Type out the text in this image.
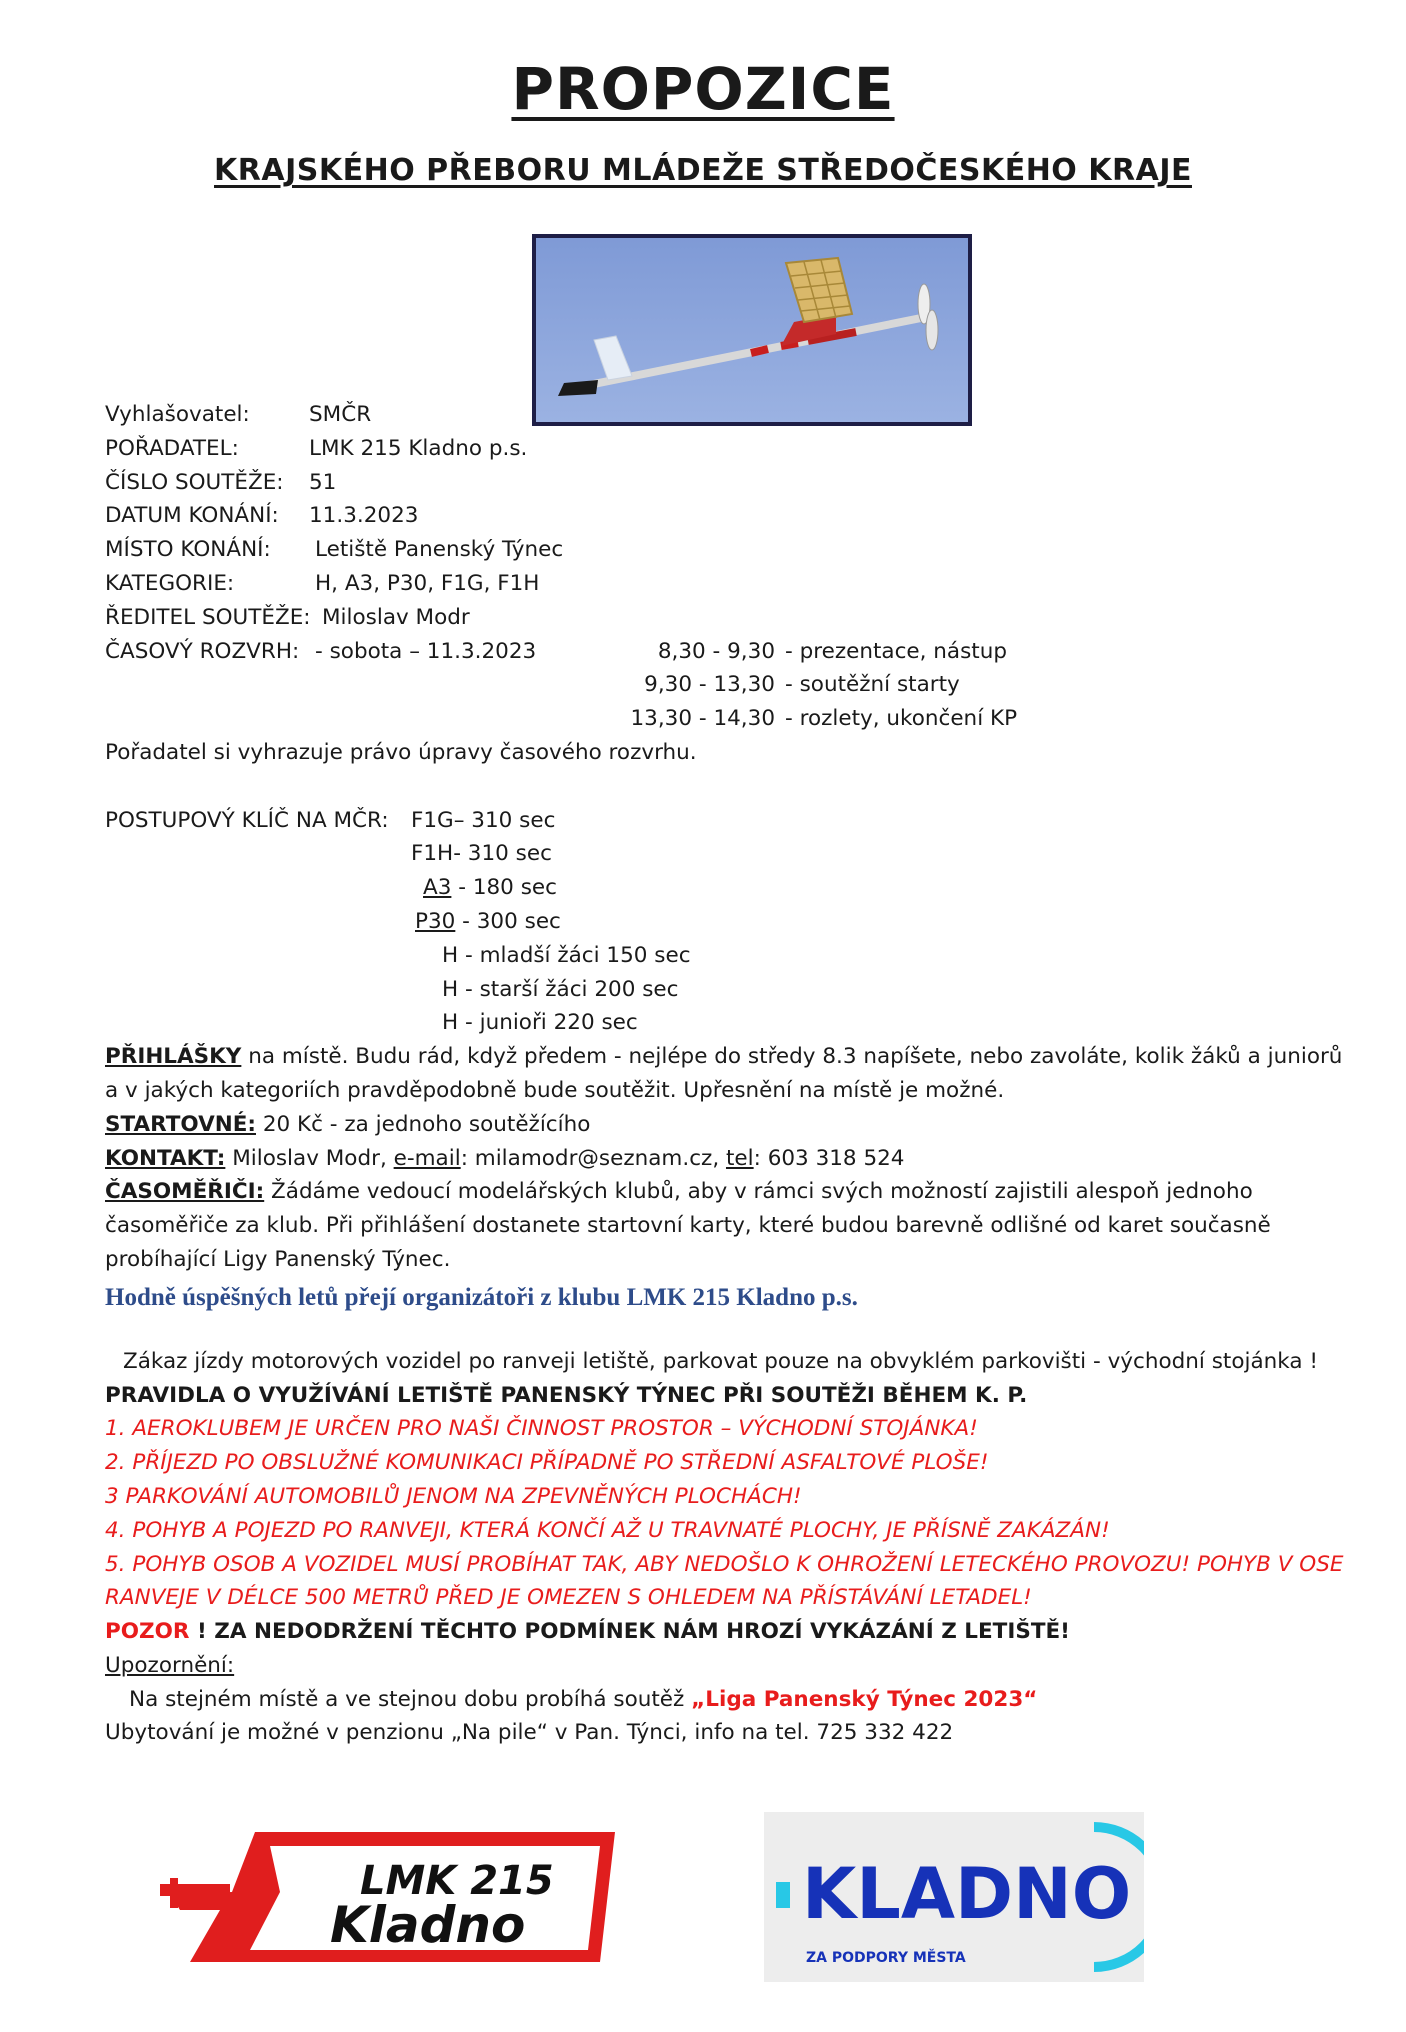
PROPOZICE
KRAJSKÉHO PŘEBORU MLÁDEŽE STŘEDOČESKÉHO KRAJE
Vyhlašovatel:	SMČR
POŘADATEL:	LMK 215 Kladno p.s.
ČÍSLO SOUTĚŽE: 51
DATUM KONÁNÍ: 11.3.2023
MÍSTO KONÁNÍ: Letiště Panenský Týnec
KATEGORIE:	H, A3, P30, F1G, F1H
ŘEDITEL SOUTĚŽE: Miloslav Modr
ČASOVÝ ROZVRH: - sobota – 11.3.2023	8,30 - 9,30 - prezentace, nástup
9,30 - 13,30 - soutěžní starty
13,30 - 14,30 - rozlety, ukončení KP
Pořadatel si vyhrazuje právo úpravy časového rozvrhu.
POSTUPOVÝ KLÍČ NA MČR: F1G– 310 sec
F1H- 310 sec
A3 - 180 sec
P30 - 300 sec
H - mladší žáci 150 sec
H - starší žáci 200 sec
H - junioři 220 sec
PŘIHLÁŠKY na místě. Budu rád, když předem - nejlépe do středy 8.3 napíšete, nebo zavoláte, kolik žáků a juniorů a v jakých kategoriích pravděpodobně bude soutěžit. Upřesnění na místě je možné.
STARTOVNÉ: 20 Kč - za jednoho soutěžícího
KONTAKT: Miloslav Modr, e-mail: milamodr@seznam.cz, tel: 603 318 524
ČASOMĚŘIČI: Žádáme vedoucí modelářských klubů, aby v rámci svých možností zajistili alespoň jednoho časoměřiče za klub. Při přihlášení dostanete startovní karty, které budou barevně odlišné od karet současně probíhající Ligy Panenský Týnec.
Hodně úspěšných letů přejí organizátoři z klubu LMK 215 Kladno p.s.
Zákaz jízdy motorových vozidel po ranveji letiště, parkovat pouze na obvyklém parkovišti - východní stojánka !
PRAVIDLA O VYUŽÍVÁNÍ LETIŠTĚ PANENSKÝ TÝNEC PŘI SOUTĚŽI BĚHEM K. P.
1. AEROKLUBEM JE URČEN PRO NAŠI ČINNOST PROSTOR – VÝCHODNÍ STOJÁNKA!
2. PŘÍJEZD PO OBSLUŽNÉ KOMUNIKACI PŘÍPADNĚ PO STŘEDNÍ ASFALTOVÉ PLOŠE!
3 PARKOVÁNÍ AUTOMOBILŮ JENOM NA ZPEVNĚNÝCH PLOCHÁCH!
4. POHYB A POJEZD PO RANVEJI, KTERÁ KONČÍ AŽ U TRAVNATÉ PLOCHY, JE PŘÍSNĚ ZAKÁZÁN!
5. POHYB OSOB A VOZIDEL MUSÍ PROBÍHAT TAK, ABY NEDOŠLO K OHROŽENÍ LETECKÉHO PROVOZU! POHYB V OSE RANVEJE V DÉLCE 500 METRŮ PŘED JE OMEZEN S OHLEDEM NA PŘÍSTÁVÁNÍ LETADEL!
POZOR ! ZA NEDODRŽENÍ TĚCHTO PODMÍNEK NÁM HROZÍ VYKÁZÁNÍ Z LETIŠTĚ!
Upozornění:
Na stejném místě a ve stejnou dobu probíhá soutěž „Liga Panenský Týnec 2023“
Ubytování je možné v penzionu „Na pile“ v Pan. Týnci, info na tel. 725 332 422
LMK 215
Kladno	KLADNO
ZA PODPORY MĚSTA
